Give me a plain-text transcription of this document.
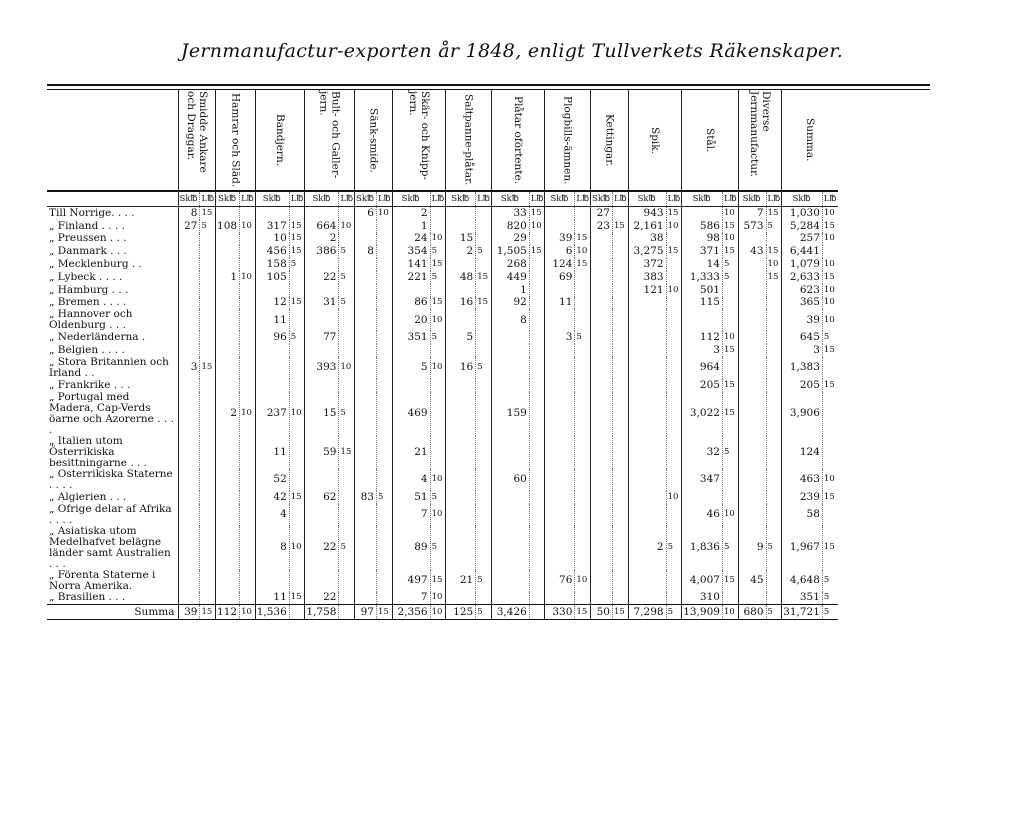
Jernmanufactur-exporten år 1848, enligt Tullverkets Räkenskaper.

	Smidde Ankare och Draggar.		Hamrar och Släd.		Bandjern.		Bult- och Galler-jern.		Sänk-smide.		Skär- och Knipp-jern.		Saltpanne-plåtar.		Plåtar oförtente.		Plogbills-ämnen.		Kettingar.		Spik.		Stål.		Diverse Jernmanufactur.		Summa.	

	Sk℔	L℔	Sk℔	L℔	Sk℔	L℔	Sk℔	L℔	Sk℔	L℔	Sk℔	L℔	Sk℔	L℔	Sk℔	L℔	Sk℔	L℔	Sk℔	L℔	Sk℔	L℔	Sk℔	L℔	Sk℔	L℔	Sk℔	L℔
Till Norrige. . . .	8	15							6	10	2				33	15			27		943	15		10	7	15	1,030	10
„ Finland . . . .	27	5	108	10	317	15	664	10			1				820	10			23	15	2,161	10	586	15	573	5	5,284	15
„ Preussen . . .					10	15	2				24	10	15		29		39	15			38		98	10			257	10
„ Danmark . . .					456	15	386	5	8		354	5	2	5	1,505	15	6	10			3,275	15	371	15	43	15	6,441	
„ Mecklenburg . .					158	5					141	15			268		124	15			372		14	5		10	1,079	10
„ Lybeck . . . .			1	10	105		22	5			221	5	48	15	449		69				383		1,333	5		15	2,633	15
„ Hamburg . . .															1						121	10	501				623	10
„ Bremen . . . .					12	15	31	5			86	15	16	15	92		11						115				365	10
„ Hannover och Oldenburg . . .					11						20	10			8												39	10
„ Nederländerna .					96	5	77				351	5	5				3	5					112	10			645	5
„ Belgien . . . .																							3	15			3	15
„ Stora Britannien och Irland . .	3	15					393	10			5	10	16	5									964				1,383	
„ Frankrike . . .																							205	15			205	15
„ Portugal med Madera, Cap-Verds öarne och Azorerne . . . .			2	10	237	10	15	5			469				159								3,022	15			3,906	
„ Italien utom Österrikiska besittningarne . . .					11		59	15			21												32	5			124	
„ Österrikiska Staterne . . . .					52						4	10			60								347				463	10
„ Algierien . . .					42	15	62		83	5	51	5										10					239	15
„ Öfrige delar af Afrika . . . .					4						7	10											46	10			58	
„ Asiatiska utom Medelhafvet belägne länder samt Australien . . .					8	10	22	5			89	5									2	5	1,836	5	9	5	1,967	15
„ Förenta Staterne i Norra Amerika.											497	15	21	5			76	10					4,007	15	45		4,648	5
„ Brasilien . . .					11	15	22				7	10											310				351	5
Summa	39	15	112	10	1,536		1,758		97	15	2,356	10	125	5	3,426		330	15	50	15	7,298	5	13,909	10	680	5	31,721	5
